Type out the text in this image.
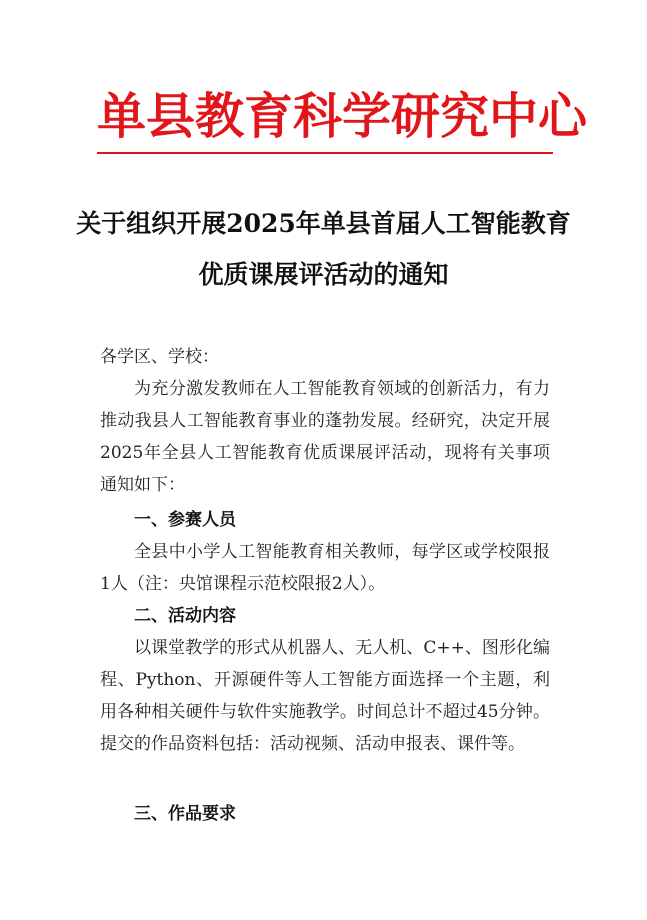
单县教育科学研究中心
关于组织开展2025年单县首届人工智能教育
优质课展评活动的通知
各学区、学校：
为充分激发教师在人工智能教育领域的创新活力，有力推动我县人工智能教育事业的蓬勃发展。经研究，决定开展2025年全县人工智能教育优质课展评活动，现将有关事项通知如下：
一、参赛人员
全县中小学人工智能教育相关教师，每学区或学校限报1人（注：央馆课程示范校限报2人）。
二、活动内容
以课堂教学的形式从机器人、无人机、C++、图形化编程、Python、开源硬件等人工智能方面选择一个主题，利用各种相关硬件与软件实施教学。时间总计不超过45分钟。提交的作品资料包括：活动视频、活动申报表、课件等。
三、作品要求
